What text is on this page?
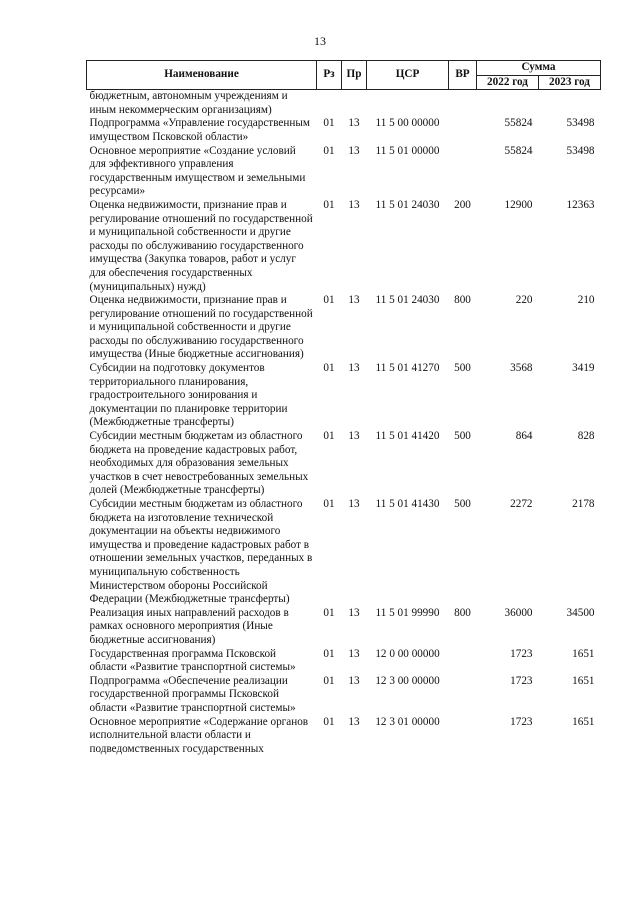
13
Наименование	Рз	Пр	ЦСР	ВР	Сумма	
					2022 год	2023 год
бюджетным, автономным учреждениям и иным некоммерческим организациям)						
Подпрограмма «Управление государственным имуществом Псковской области»	01	13	11 5 00 00000		55824	53498
Основное мероприятие «Создание условий для эффективного управления государственным имуществом и земельными ресурсами»	01	13	11 5 01 00000		55824	53498
Оценка недвижимости, признание прав и регулирование отношений по государственной и муниципальной собственности и другие расходы по обслуживанию государственного имущества (Закупка товаров, работ и услуг для обеспечения государственных (муниципальных) нужд)	01	13	11 5 01 24030	200	12900	12363
Оценка недвижимости, признание прав и регулирование отношений по государственной и муниципальной собственности и другие расходы по обслуживанию государственного имущества (Иные бюджетные ассигнования)	01	13	11 5 01 24030	800	220	210
Субсидии на подготовку документов территориального планирования, градостроительного зонирования и документации по планировке территории (Межбюджетные трансферты)	01	13	11 5 01 41270	500	3568	3419
Субсидии местным бюджетам из областного бюджета на проведение кадастровых работ, необходимых для образования земельных участков в счет невостребованных земельных долей (Межбюджетные трансферты)	01	13	11 5 01 41420	500	864	828
Субсидии местным бюджетам из областного бюджета на изготовление технической документации на объекты недвижимого имущества и проведение кадастровых работ в отношении земельных участков, переданных в муниципальную собственность Министерством обороны Российской Федерации (Межбюджетные трансферты)	01	13	11 5 01 41430	500	2272	2178
Реализация иных направлений расходов в рамках основного мероприятия (Иные бюджетные ассигнования)	01	13	11 5 01 99990	800	36000	34500
Государственная программа Псковской области «Развитие транспортной системы»	01	13	12 0 00 00000		1723	1651
Подпрограмма «Обеспечение реализации государственной программы Псковской области «Развитие транспортной системы»	01	13	12 3 00 00000		1723	1651
Основное мероприятие «Содержание органов исполнительной власти области и подведомственных государственных	01	13	12 3 01 00000		1723	1651
